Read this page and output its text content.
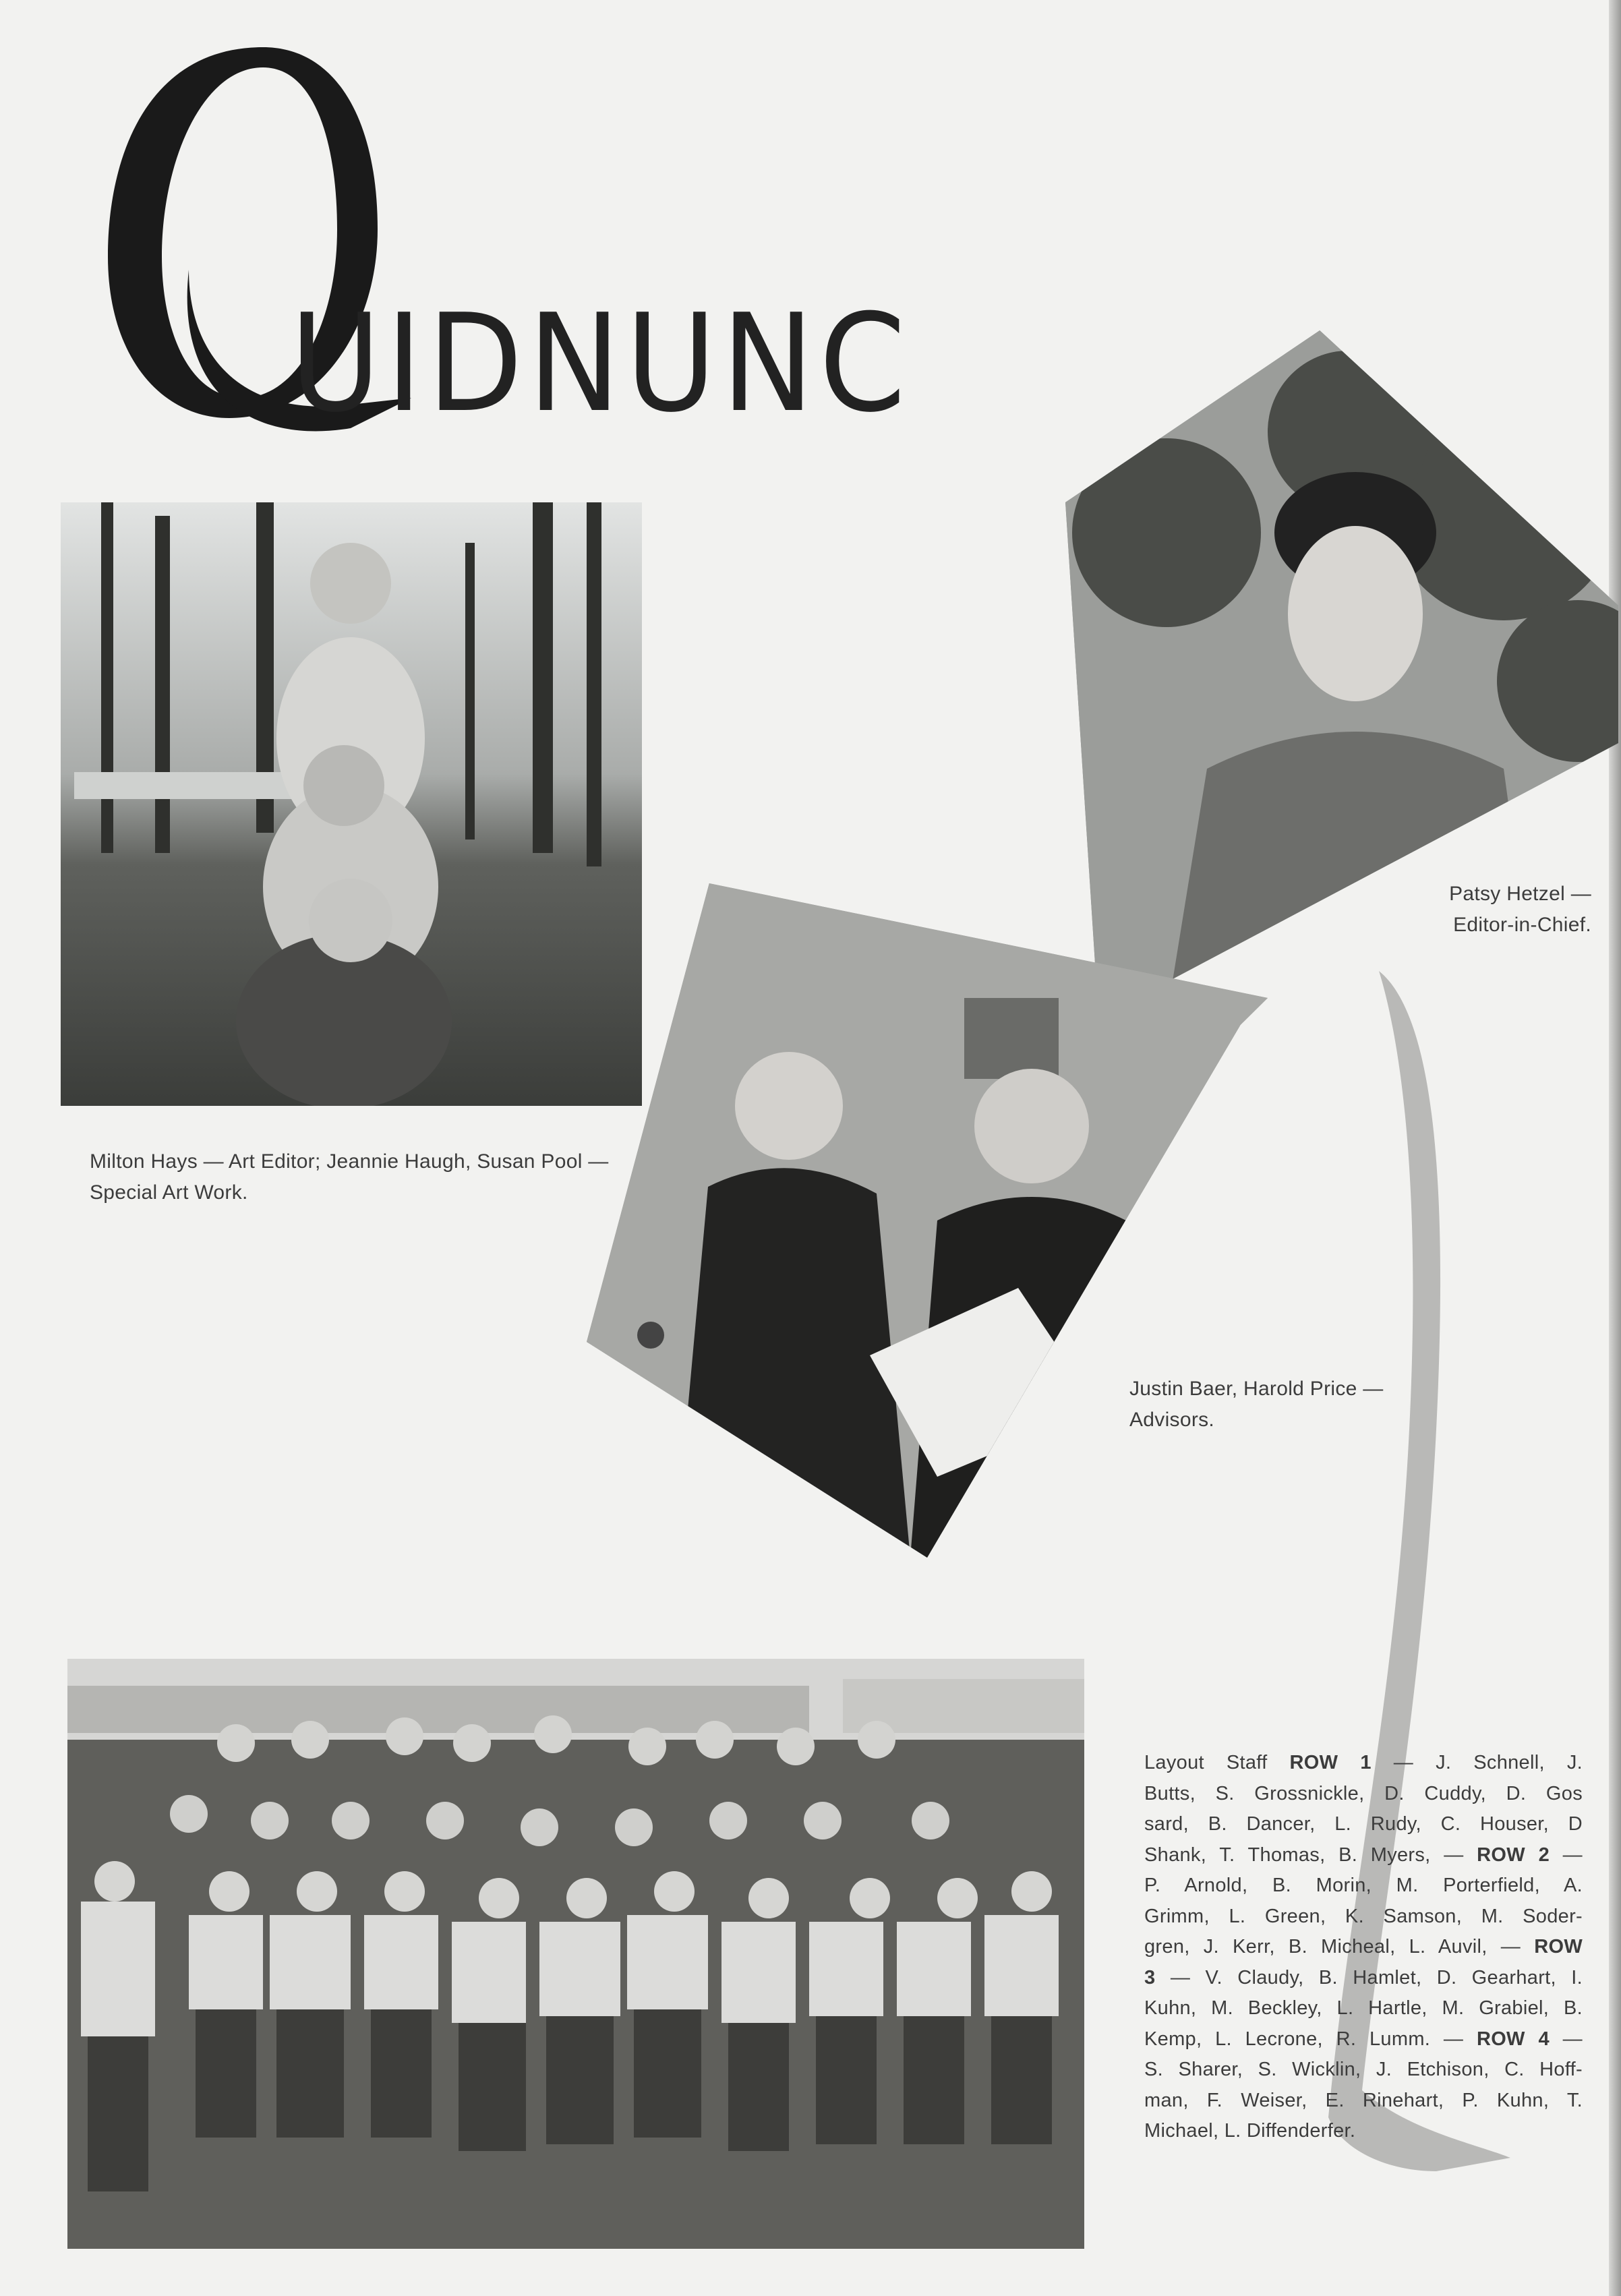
UIDNUNC
Milton Hays — Art Editor; Jeannie Haugh, Susan Pool — Special Art Work.
Patsy Hetzel —
Editor-in-Chief.
Justin Baer, Harold Price —
Advisors.
Layout Staff ROW 1 — J. Schnell, J.
Butts, S. Grossnickle, D. Cuddy, D. Gos
sard, B. Dancer, L. Rudy, C. Houser, D
Shank, T. Thomas, B. Myers, — ROW 2 —
P. Arnold, B. Morin, M. Porterfield, A.
Grimm, L. Green, K. Samson, M. Soder-
gren, J. Kerr, B. Micheal, L. Auvil, — ROW
3 — V. Claudy, B. Hamlet, D. Gearhart, I.
Kuhn, M. Beckley, L. Hartle, M. Grabiel, B.
Kemp, L. Lecrone, R. Lumm. — ROW 4 —
S. Sharer, S. Wicklin, J. Etchison, C. Hoff-
man, F. Weiser, E. Rinehart, P. Kuhn, T.
Michael, L. Diffenderfer.
